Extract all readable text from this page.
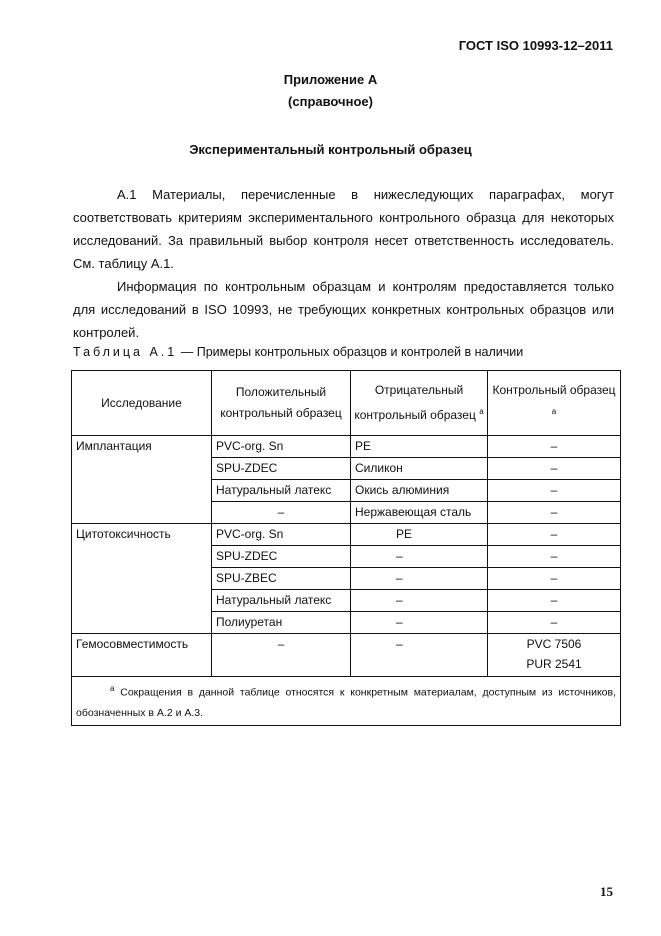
ГОСТ ISO 10993-12–2011
Приложение А
(справочное)
Экспериментальный контрольный образец
А.1 Материалы, перечисленные в нижеследующих параграфах, могут соответствовать критериям экспериментального контрольного образца для некоторых исследований. За правильный выбор контроля несет ответственность исследователь. См. таблицу А.1.
Информация по контрольным образцам и контролям предоставляется только для исследований в ISO 10993, не требующих конкретных контрольных образцов или контролей.
Таблица А.1 — Примеры контрольных образцов и контролей в наличии
Исследование	Положительный контрольный образец	Отрицательный контрольный образец $^а$	Контрольный образец $^а$
Имплантация	PVC-org. Sn	PE	–
	SPU-ZDEC	Силикон	–
	Натуральный латекс	Окись алюминия	–
	–	Нержавеющая сталь	–
Цитотоксичность	PVC-org. Sn	PE	–
	SPU-ZDEC	–	–
	SPU-ZBEC	–	–
	Натуральный латекс	–	–
	Полиуретан	–	–
Гемосовместимость	–	–	PVC 7506
PUR 2541

$^а$ Сокращения в данной таблице относятся к конкретным материалам, доступным из источников, обозначенных в А.2 и А.3.			
15
